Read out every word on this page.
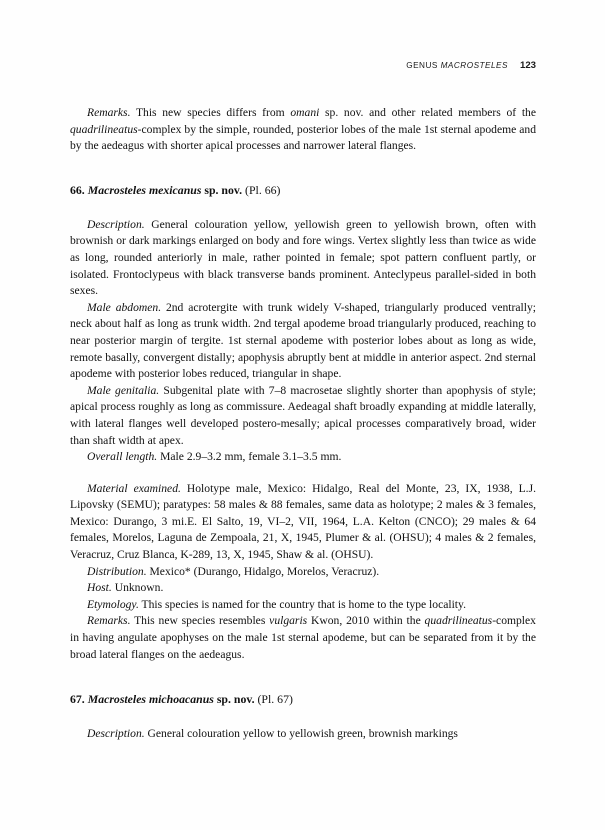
GENUS
MACROSTELES 123

Remarks. This new species differs from omani sp. nov. and other related members of the quadrilineatus-complex by the simple, rounded, posterior lobes of the male 1st sternal apodeme and by the aedeagus with shorter apical processes and narrower lateral flanges.

66. Macrosteles mexicanus sp. nov. (Pl. 66)

Description. General colouration yellow, yellowish green to yellowish brown, often with brownish or dark markings enlarged on body and fore wings. Vertex slightly less than twice as wide as long, rounded anteriorly in male, rather pointed in female; spot pattern confluent partly, or isolated. Frontoclypeus with black transverse bands prominent. Anteclypeus parallel-sided in both sexes.

Male abdomen. 2nd acrotergite with trunk widely V-shaped, triangularly produced ventrally; neck about half as long as trunk width. 2nd tergal apodeme broad triangularly produced, reaching to near posterior margin of tergite. 1st sternal apodeme with posterior lobes about as long as wide, remote basally, convergent distally; apophysis abruptly bent at middle in anterior aspect. 2nd sternal apodeme with posterior lobes reduced, triangular in shape.

Male genitalia. Subgenital plate with 7–8 macrosetae slightly shorter than apophysis of style; apical process roughly as long as commissure. Aedeagal shaft broadly expanding at middle laterally, with lateral flanges well developed postero-mesally; apical processes comparatively broad, wider than shaft width at apex.

Overall length. Male 2.9–3.2 mm, female 3.1–3.5 mm.

Material examined. Holotype male, Mexico: Hidalgo, Real del Monte, 23, IX, 1938, L.J. Lipovsky (SEMU); paratypes: 58 males & 88 females, same data as holotype; 2 males & 3 females, Mexico: Durango, 3 mi.E. El Salto, 19, VI–2, VII, 1964, L.A. Kelton (CNCO); 29 males & 64 females, Morelos, Laguna de Zempoala, 21, X, 1945, Plumer & al. (OHSU); 4 males & 2 females, Veracruz, Cruz Blanca, K-289, 13, X, 1945, Shaw & al. (OHSU).

Distribution. Mexico* (Durango, Hidalgo, Morelos, Veracruz).

Host. Unknown.

Etymology. This species is named for the country that is home to the type locality.

Remarks. This new species resembles vulgaris Kwon, 2010 within the quadrilineatus-complex in having angulate apophyses on the male 1st sternal apodeme, but can be separated from it by the broad lateral flanges on the aedeagus.

67. Macrosteles michoacanus sp. nov. (Pl. 67)

Description. General colouration yellow to yellowish green, brownish markings
